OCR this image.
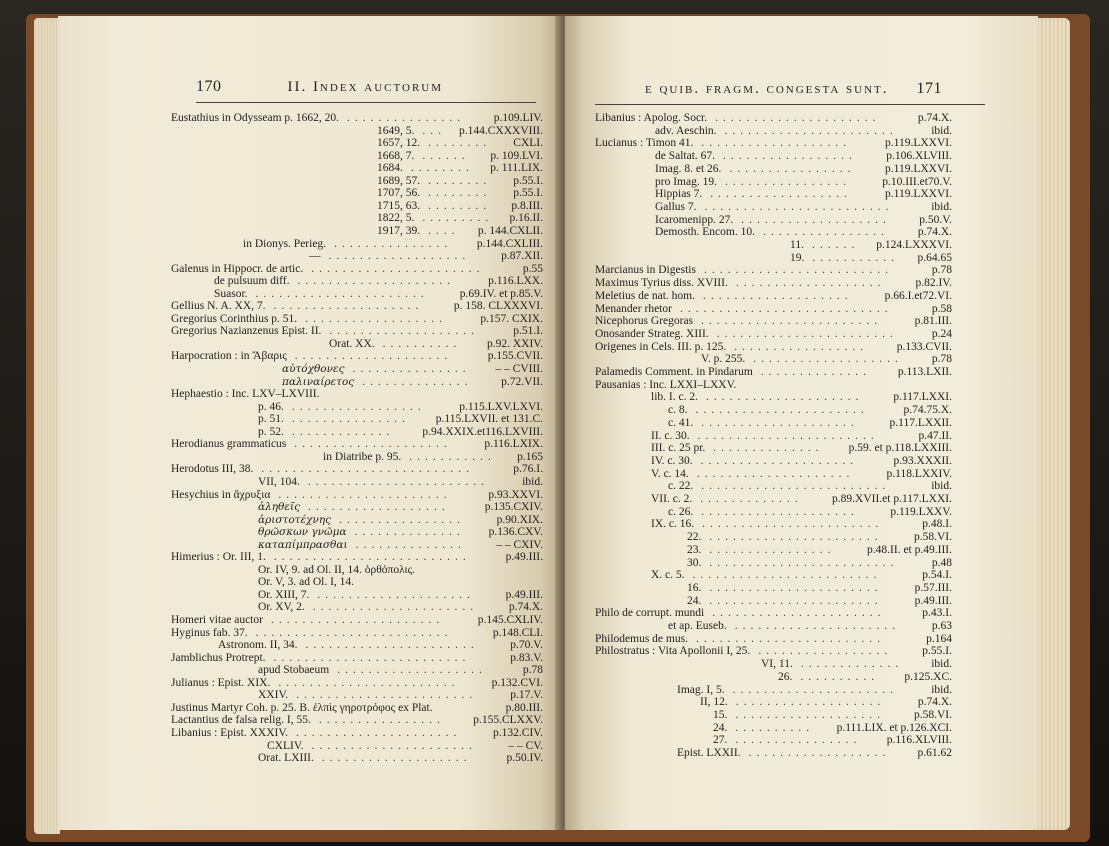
170	II. Index auctorum
Eustathius in Odysseam p. 1662, 20.	p.109.LIV.
...............
1649, 5.	p.144.CXXXVIII.
...
1657, 12.	CXLI.
........
1668, 7.	p. 109.LVI.
......
1684.	p. 111.LIX.
........
1689, 57.	p.55.I.
........
1707, 56.	p.55.I.
........
1715, 63.	p.8.III.
........
1822, 5.	p.16.II.
.........
1917, 39.	p. 144.CXLII.
....
in Dionys. Perieg.	p.144.CXLIII.
...............
—	p.87.XII.
..................
Galenus in Hippocr. de artic.	p.55
......................
de pulsuum diff.	p.116.LXX.
....................
Suasor.	p.69.IV. et p.85.V.
......................
Gellius N. A. XX, 7.	p. 158. CLXXXVI.
...................
Gregorius Corinthius p. 51.	p.157. CXIX.
..................
Gregorius Nazianzenus Epist. II.	p.51.I.
...................
Orat. XX.	p.92. XXIV.
..........
Harpocration : in Ἄβαρις	p.155.CVII.
....................
αὐτόχθονες	– – CVIII.
...............
παλιναίρετος	p.72.VII.
..............
Hephaestio : Inc. LXV–LXVIII.
p. 46.	p.115.LXV.LXVI.
.................
p. 51.	p.115.LXVII. et 131.C.
...............
p. 52.	p.94.XXIX.et116.LXVIII.
.............
Herodianus grammaticus	p.116.LXIX.
....................
in Diatribe p. 95.	p.165
...........
Herodotus III, 38.	p.76.I.
...........................
VII, 104.	ibid.
.......................
Hesychius in ἄχρυξια	p.93.XXVI.
......................
ἀληθεῖς	p.135.CXIV.
..................
ἀριστοτέχνης	p.90.XIX.
................
θρῶσκων γνῶμα	p.136.CXV.
..............
καταπίμπρασθαι	– – CXIV.
..............
Himerius : Or. III, 1.	p.49.III.
.........................
Or. IV, 9. ad Ol. II, 14. ὀρθόπολις.
Or. V, 3. ad Ol. I, 14.
Or. XIII, 7.	p.49.III.
....................
Or. XV, 2.	p.74.X.
.....................
Homeri vitae auctor	p.145.CXLIV.
......................
Hyginus fab. 37.	p.148.CLI.
.........................
Astronom. II, 34.	p.70.V.
......................
Jamblichus Protrept.	p.83.V.
.........................
apud Stobaeum	p.78
...................
Julianus : Epist. XIX.	p.132.CVI.
.......................
XXIV.	p.17.V.
.......................
Justinus Martyr Coh. p. 25. B. ἐλπὶς γηροτρόφος ex Plat.	p.80.III.
Lactantius de falsa relig. I, 55.	p.155.CLXXV.
................
Libanius : Epist. XXXIV.	p.132.CIV.
.....................
CXLIV.	– – CV.
.....................
Orat. LXIII.	p.50.IV.
...................
e quib. fragm. congesta sunt. 171
Libanius : Apolog. Socr.	p.74.X.
.....................
adv. Aeschin.	ibid.
......................
Lucianus : Timon 41.	p.119.LXXVI.
...................
de Saltat. 67.	p.106.XLVIII.
.................
Imag. 8. et 26.	p.119.LXXVI.
................
pro Imag. 19.	p.10.III.et70.V.
................
Hippias 7.	p.119.LXXVI.
..................
Gallus 7.	ibid.
........................
Icaromenipp. 27.	p.50.V.
...................
Demosth. Encom. 10.	p.74.X.
................
11.	p.124.LXXXVI.
......
19.	p.64.65
...........
Marcianus in Digestis	p.78
........................
Maximus Tyrius diss. XVIII.	p.82.IV.
...................
Meletius de nat. hom.	p.66.I.et72.VI.
...................
Menander rhetor	p.58
...........................
Nicephorus Gregoras	p.81.III.
.......................
Onosander Strateg. XIII.	p.24
.......................
Origenes in Cels. III. p. 125.	p.133.CVII.
.................
V. p. 255.	p.78
...................
Palamedis Comment. in Pindarum	p.113.LXII.
..............
Pausanias : Inc. LXXI–LXXV.
lib. I. c. 2.	p.117.LXXI.
....................
c. 8.	p.74.75.X.
......................
c. 41.	p.117.LXXII.
....................
II. c. 30.	p.47.II.
.......................
III. c. 25 pr.	p.59. et p.118.LXXIII.
..............
IV. c. 30.	p.93.XXXII.
....................
V. c. 14.	p.118.LXXIV.
....................
c. 22.	ibid.
........................
VII. c. 2.	p.89.XVII.et p.117.LXXI.
.............
c. 26.	p.119.LXXV.
....................
IX. c. 16.	p.48.I.
.......................
22.	p.58.VI.
......................
23.	p.48.II. et p.49.III.
................
30.	p.48
........................
X. c. 5.	p.54.I.
........................
16.	p.57.III.
......................
24.	p.49.III.
......................
Philo de corrupt. mundi	p.43.I.
......................
et ap. Euseb.	p.63
.....................
Philodemus de mus.	p.164
........................
Philostratus : Vita Apollonii I, 25.	p.55.I.
.................
VI, 11.	ibid.
.............
26.	p.125.XC.
..........
Imag. I, 5.	ibid.
.....................
II, 12.	p.74.X.
...................
15.	p.58.VI.
...................
24.	p.111.LIX. et p.126.XCI.
..........
27.	p.116.XLVIII.
................
Epist. LXXII.	p.61.62
..................
